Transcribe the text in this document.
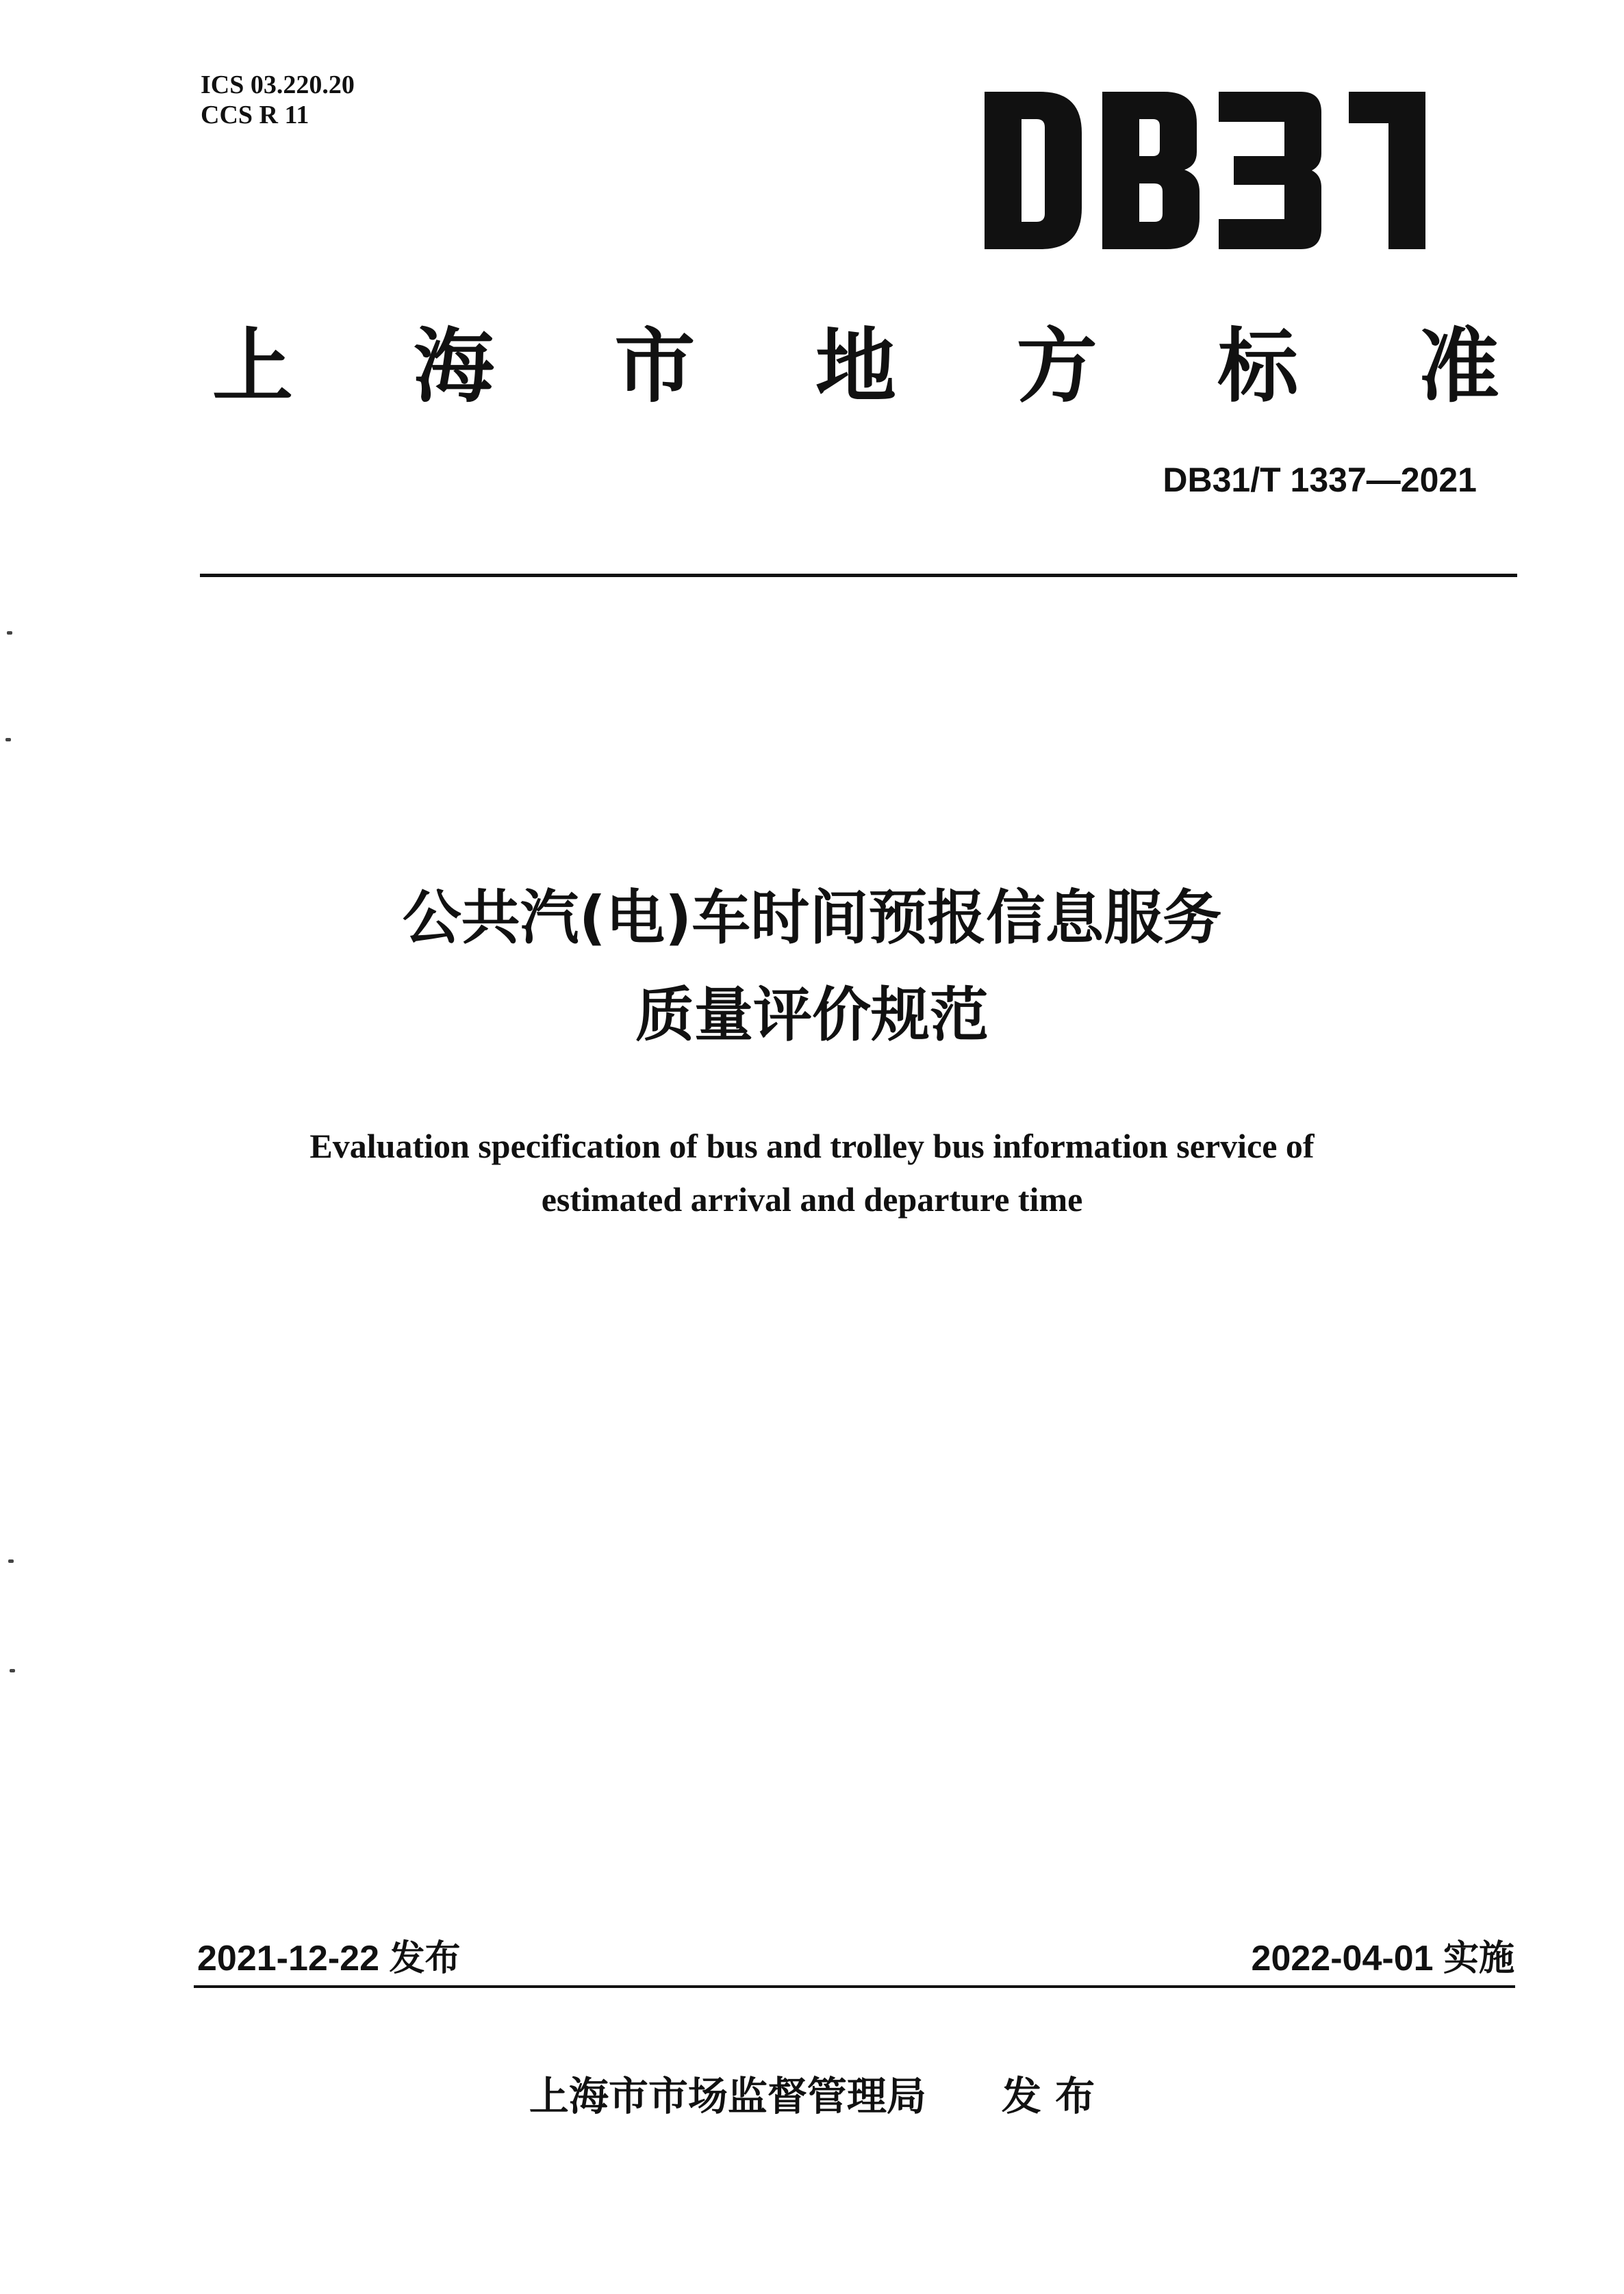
ICS 03.220.20
CCS R 11
上 海 市 地 方 标 准
DB31/T 1337—2021
公共汽(电)车时间预报信息服务
质量评价规范
Evaluation specification of bus and trolley bus information service of
estimated arrival and departure time
2021-12-22 发布	2022-04-01 实施
上海市市场监督管理局 发 布
